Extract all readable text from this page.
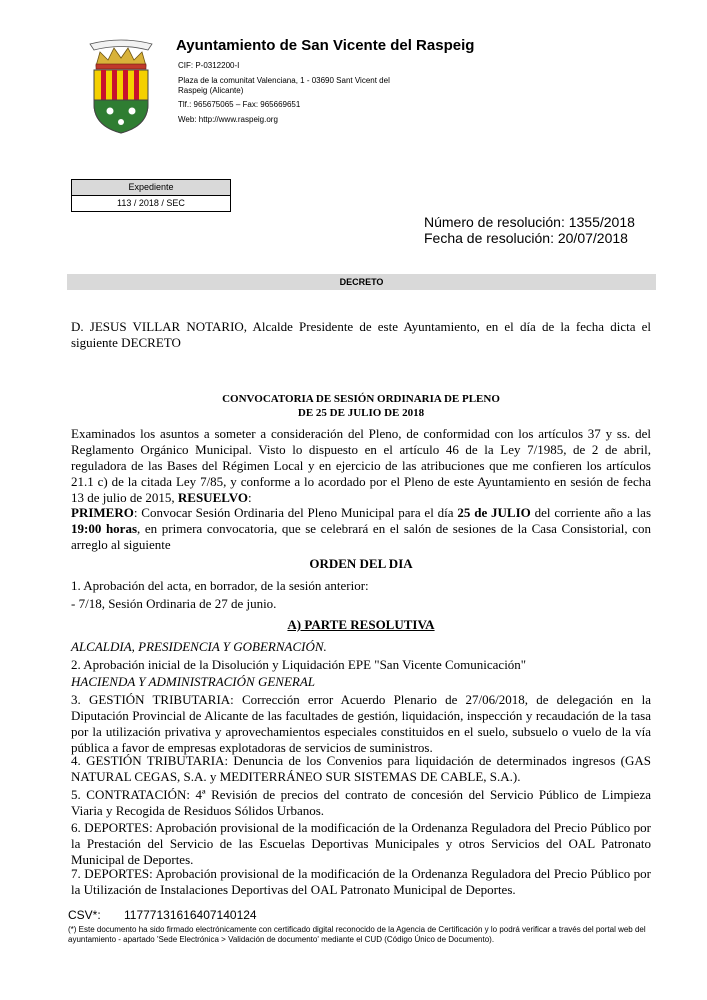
Ayuntamiento de San Vicente del Raspeig
CIF: P-0312200-I
Plaza de la comunitat Valenciana, 1 - 03690 Sant Vicent del
Raspeig (Alicante)
Tlf.: 965675065 – Fax: 965669651
Web: http://www.raspeig.org
Expediente
113 / 2018 / SEC
Número de resolución: 1355/2018
Fecha de resolución: 20/07/2018
DECRETO
D. JESUS VILLAR NOTARIO, Alcalde Presidente de este Ayuntamiento, en el día de la fecha dicta el siguiente DECRETO
CONVOCATORIA DE SESIÓN ORDINARIA DE PLENO
DE 25 DE JULIO DE 2018
Examinados los asuntos a someter a consideración del Pleno, de conformidad con los artículos 37 y ss. del Reglamento Orgánico Municipal. Visto lo dispuesto en el artículo 46 de la Ley 7/1985, de 2 de abril, reguladora de las Bases del Régimen Local y en ejercicio de las atribuciones que me confieren los artículos 21.1 c) de la citada Ley 7/85, y conforme a lo acordado por el Pleno de este Ayuntamiento en sesión de fecha 13 de julio de 2015, RESUELVO:
PRIMERO: Convocar Sesión Ordinaria del Pleno Municipal para el día 25 de JULIO del corriente año a las 19:00 horas, en primera convocatoria, que se celebrará en el salón de sesiones de la Casa Consistorial, con arreglo al siguiente
ORDEN DEL DIA
1. Aprobación del acta, en borrador, de la sesión anterior:
- 7/18, Sesión Ordinaria de 27 de junio.
A) PARTE RESOLUTIVA
ALCALDIA, PRESIDENCIA Y GOBERNACIÓN.
2. Aprobación inicial de la Disolución y Liquidación EPE "San Vicente Comunicación"
HACIENDA Y ADMINISTRACIÓN GENERAL
3. GESTIÓN TRIBUTARIA: Corrección error Acuerdo Plenario de 27/06/2018, de delegación en la Diputación Provincial de Alicante de las facultades de gestión, liquidación, inspección y recaudación de la tasa por la utilización privativa y aprovechamientos especiales constituidos en el suelo, subsuelo o vuelo de la vía pública a favor de empresas explotadoras de servicios de suministros.
4. GESTIÓN TRIBUTARIA: Denuncia de los Convenios para liquidación de determinados ingresos (GAS NATURAL CEGAS, S.A. y MEDITERRÁNEO SUR SISTEMAS DE CABLE, S.A.).
5. CONTRATACIÓN: 4ª Revisión de precios del contrato de concesión del Servicio Público de Limpieza Viaria y Recogida de Residuos Sólidos Urbanos.
6. DEPORTES: Aprobación provisional de la modificación de la Ordenanza Reguladora del Precio Público por la Prestación del Servicio de las Escuelas Deportivas Municipales y otros Servicios del OAL Patronato Municipal de Deportes.
7. DEPORTES: Aprobación provisional de la modificación de la Ordenanza Reguladora del Precio Público por la Utilización de Instalaciones Deportivas del OAL Patronato Municipal de Deportes.
CSV*: 11777131616407140124
(*) Este documento ha sido firmado electrónicamente con certificado digital reconocido de la Agencia de Certificación y lo podrá verificar a través del portal web del ayuntamiento - apartado 'Sede Electrónica > Validación de documento' mediante el CUD (Código Único de Documento).
